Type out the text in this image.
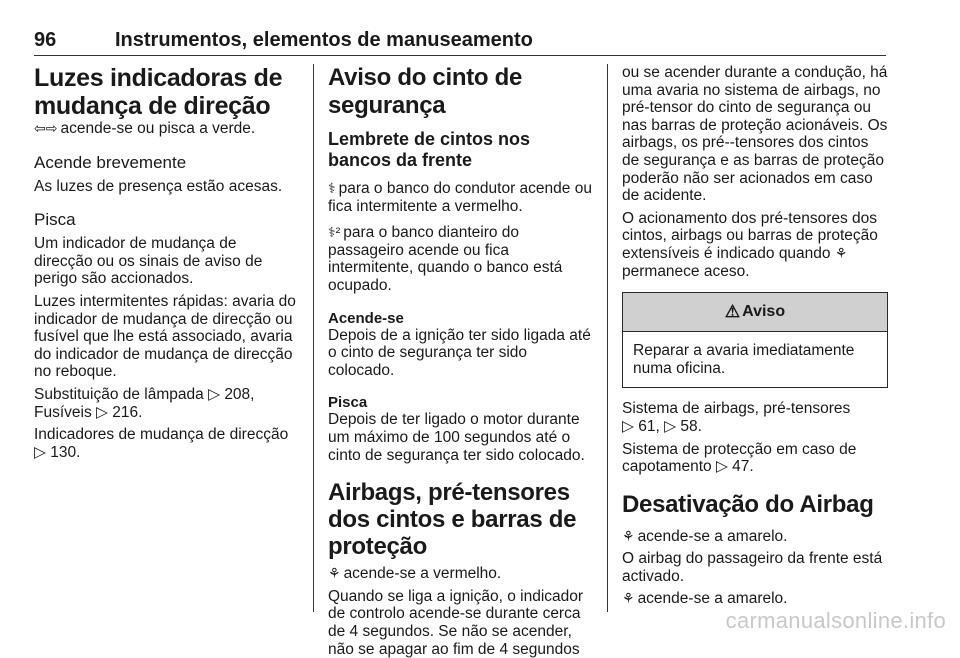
96	Instrumentos, elementos de manuseamento
Luzes indicadoras de mudança de direção

⇦⇨ acende-se ou pisca a verde.

Acende brevemente

As luzes de presença estão acesas.

Pisca

Um indicador de mudança de direcção ou os sinais de aviso de perigo são accionados.

Luzes intermitentes rápidas: avaria do indicador de mudança de direcção ou fusível que lhe está associado, avaria do indicador de mudança de direcção no reboque.

Substituição de lâmpada ▷ 208,
Fusíveis ▷ 216.

Indicadores de mudança de direcção
▷ 130.

Aviso do cinto de segurança
Lembrete de cintos nos bancos da frente

⚕ para o banco do condutor acende ou fica intermitente a vermelho.

⚕² para o banco dianteiro do passageiro acende ou fica intermitente, quando o banco está ocupado.

Acende-se

Depois de a ignição ter sido ligada até o cinto de segurança ter sido colocado.

Pisca

Depois de ter ligado o motor durante um máximo de 100 segundos até o cinto de segurança ter sido colocado.

Airbags, pré-tensores dos cintos e barras de proteção

⚘ acende-se a vermelho.

Quando se liga a ignição, o indicador de controlo acende-se durante cerca de 4 segundos. Se não se acender, não se apagar ao fim de 4 segundos

ou se acender durante a condução, há uma avaria no sistema de airbags, no pré-tensor do cinto de segurança ou nas barras de proteção acionáveis. Os airbags, os pré--tensores dos cintos de segurança e as barras de proteção poderão não ser acionados em caso de acidente.

O acionamento dos pré-tensores dos cintos, airbags ou barras de proteção extensíveis é indicado quando ⚘
permanece aceso.

⚠ Aviso

Reparar a avaria imediatamente numa oficina.

Sistema de airbags, pré-tensores
▷ 61, ▷ 58.

Sistema de protecção em caso de capotamento ▷ 47.

Desativação do Airbag

⚘ acende-se a amarelo.

O airbag do passageiro da frente está activado.

⚘ acende-se a amarelo.

carmanualsonline.info
